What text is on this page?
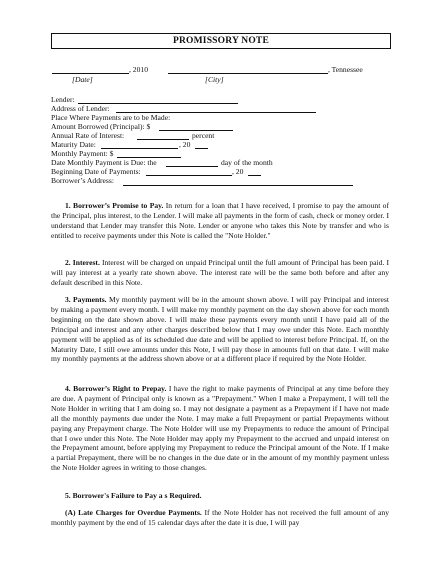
PROMISSORY NOTE
, 2010	, Tennessee
[Date]	[City]
Lender:
Address of Lender:
Place Where Payments are to be Made:
Amount Borrowed (Principal): $
Annual Rate of Interest:	percent
Maturity Date:	, 20
Monthly Payment: $
Date Monthly Payment is Due: the	day of the month
Beginning Date of Payments:	, 20
Borrower’s Address:
1. Borrower’s Promise to Pay. In return for a loan that I have received, I promise to pay the amount of the Principal, plus interest, to the Lender. I will make all payments in the form of cash, check or money order. I understand that Lender may transfer this Note. Lender or anyone who takes this Note by transfer and who is entitled to receive payments under this Note is called the "Note Holder."
2. Interest. Interest will be charged on unpaid Principal until the full amount of Principal has been paid. I will pay interest at a yearly rate shown above. The interest rate will be the same both before and after any default described in this Note.
3. Payments. My monthly payment will be in the amount shown above. I will pay Principal and interest by making a payment every month. I will make my monthly payment on the day shown above for each month beginning on the date shown above. I will make these payments every month until I have paid all of the Principal and interest and any other charges described below that I may owe under this Note. Each monthly payment will be applied as of its scheduled due date and will be applied to interest before Principal. If, on the Maturity Date, I still owe amounts under this Note, I will pay those in amounts full on that date. I will make my monthly payments at the address shown above or at a different place if required by the Note Holder.
4. Borrower’s Right to Prepay. I have the right to make payments of Principal at any time before they are due. A payment of Principal only is known as a "Prepayment." When I make a Prepayment, I will tell the Note Holder in writing that I am doing so. I may not designate a payment as a Prepayment if I have not made all the monthly payments due under the Note. I may make a full Prepayment or partial Prepayments without paying any Prepayment charge. The Note Holder will use my Prepayments to reduce the amount of Principal that I owe under this Note. The Note Holder may apply my Prepayment to the accrued and unpaid interest on the Prepayment amount, before applying my Prepayment to reduce the Principal amount of the Note. If I make a partial Prepayment, there will be no changes in the due date or in the amount of my monthly payment unless the Note Holder agrees in writing to those changes.
5. Borrower's Failure to Pay a s Required.
(A) Late Charges for Overdue Payments. If the Note Holder has not received the full amount of any monthly payment by the end of 15 calendar days after the date it is due, I will pay
